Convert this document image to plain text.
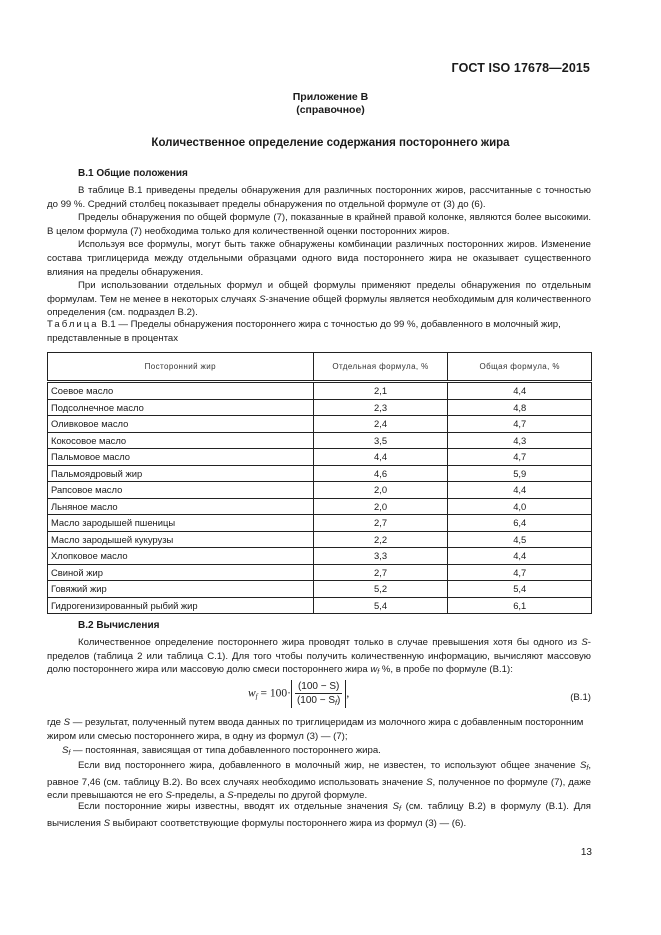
ГОСТ ISO 17678—2015
Приложение В
(справочное)
Количественное определение содержания постороннего жира
В.1 Общие положения

В таблице В.1 приведены пределы обнаружения для различных посторонних жиров, рассчитанные с точностью до 99 %. Средний столбец показывает пределы обнаружения по отдельной формуле от (3) до (6).

Пределы обнаружения по общей формуле (7), показанные в крайней правой колонке, являются более высокими. В целом формула (7) необходима только для количественной оценки посторонних жиров.

Используя все формулы, могут быть также обнаружены комбинации различных посторонних жиров. Изменение состава триглицерида между отдельными образцами одного вида постороннего жира не оказывает существенного влияния на пределы обнаружения.

При использовании отдельных формул и общей формулы применяют пределы обнаружения по отдельным формулам. Тем не менее в некоторых случаях S-значение общей формулы является необходимым для количественного определения (см. подраздел В.2).

Таблица В.1 — Пределы обнаружения постороннего жира с точностью до 99 %, добавленного в молочный жир, представленные в процентах
Посторонний жир	Отдельная формула, %	Общая формула, %
Соевое масло	2,1	4,4
Подсолнечное масло	2,3	4,8
Оливковое масло	2,4	4,7
Кокосовое масло	3,5	4,3
Пальмовое масло	4,4	4,7
Пальмоядровый жир	4,6	5,9
Рапсовое масло	2,0	4,4
Льняное масло	2,0	4,0
Масло зародышей пшеницы	2,7	6,4
Масло зародышей кукурузы	2,2	4,5
Хлопковое масло	3,3	4,4
Свиной жир	2,7	4,7
Говяжий жир	5,2	5,4
Гидрогенизированный рыбий жир	5,4	6,1
В.2 Вычисления
Количественное определение постороннего жира проводят только в случае превышения хотя бы одного из S-пределов (таблица 2 или таблица С.1). Для того чтобы получить количественную информацию, вычисляют массовую долю постороннего жира или массовую долю смеси постороннего жира $w_f$ %, в пробе по формуле (В.1):
$w_f = 100\cdot \frac{(100 - S)}{(100 - S_f)}$ ,	(В.1)
где S — результат, полученный путем ввода данных по триглицеридам из молочного жира с добавленным посторонним жиром или смесью постороннего жира, в одну из формул (3) — (7);
$S_f$ — постоянная, зависящая от типа добавленного постороннего жира.
Если вид постороннего жира, добавленного в молочный жир, не известен, то используют общее значение $S_f$, равное 7,46 (см. таблицу В.2). Во всех случаях необходимо использовать значение S, полученное по формуле (7), даже если превышаются не его S-пределы, а S-пределы по другой формуле.
Если посторонние жиры известны, вводят их отдельные значения $S_f$ (см. таблицу В.2) в формулу (В.1). Для вычисления S выбирают соответствующие формулы постороннего жира из формул (3) — (6).
13
